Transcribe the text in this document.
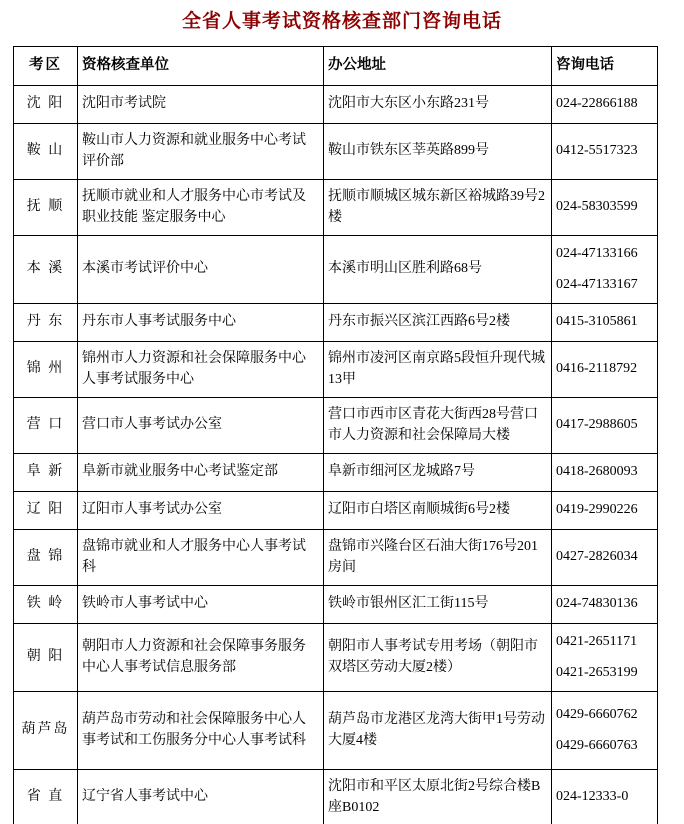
全省人事考试资格核查部门咨询电话
考区	资格核查单位	办公地址	咨询电话
沈 阳	沈阳市考试院	沈阳市大东区小东路231号	024-22866188

鞍 山	鞍山市人力资源和就业服务中心考试评价部	鞍山市铁东区莘英路899号	0412-5517323

抚 顺	抚顺市就业和人才服务中心市考试及职业技能 鉴定服务中心	抚顺市顺城区城东新区裕城路39号2楼	024-58303599

本 溪	本溪市考试评价中心	本溪市明山区胜利路68号	024-47133166
024-47133167

丹 东	丹东市人事考试服务中心	丹东市振兴区滨江西路6号2楼	0415-3105861

锦 州	锦州市人力资源和社会保障服务中心人事考试服务中心	锦州市凌河区南京路5段恒升现代城13甲	0416-2118792

营 口	营口市人事考试办公室	营口市西市区青花大街西28号营口市人力资源和社会保障局大楼	0417-2988605

阜 新	阜新市就业服务中心考试鉴定部	阜新市细河区龙城路7号	0418-2680093

辽 阳	辽阳市人事考试办公室	辽阳市白塔区南顺城街6号2楼	0419-2990226

盘 锦	盘锦市就业和人才服务中心人事考试科	盘锦市兴隆台区石油大街176号201房间	0427-2826034

铁 岭	铁岭市人事考试中心	铁岭市银州区汇工街115号	024-74830136

朝 阳	朝阳市人力资源和社会保障事务服务中心人事考试信息服务部	朝阳市人事考试专用考场（朝阳市双塔区劳动大厦2楼）	0421-2651171
0421-2653199

葫芦岛	葫芦岛市劳动和社会保障服务中心人事考试和工伤服务分中心人事考试科	葫芦岛市龙港区龙湾大街甲1号劳动大厦4楼	0429-6660762
0429-6660763

省 直	辽宁省人事考试中心	沈阳市和平区太原北街2号综合楼B座B0102	024-12333-0
